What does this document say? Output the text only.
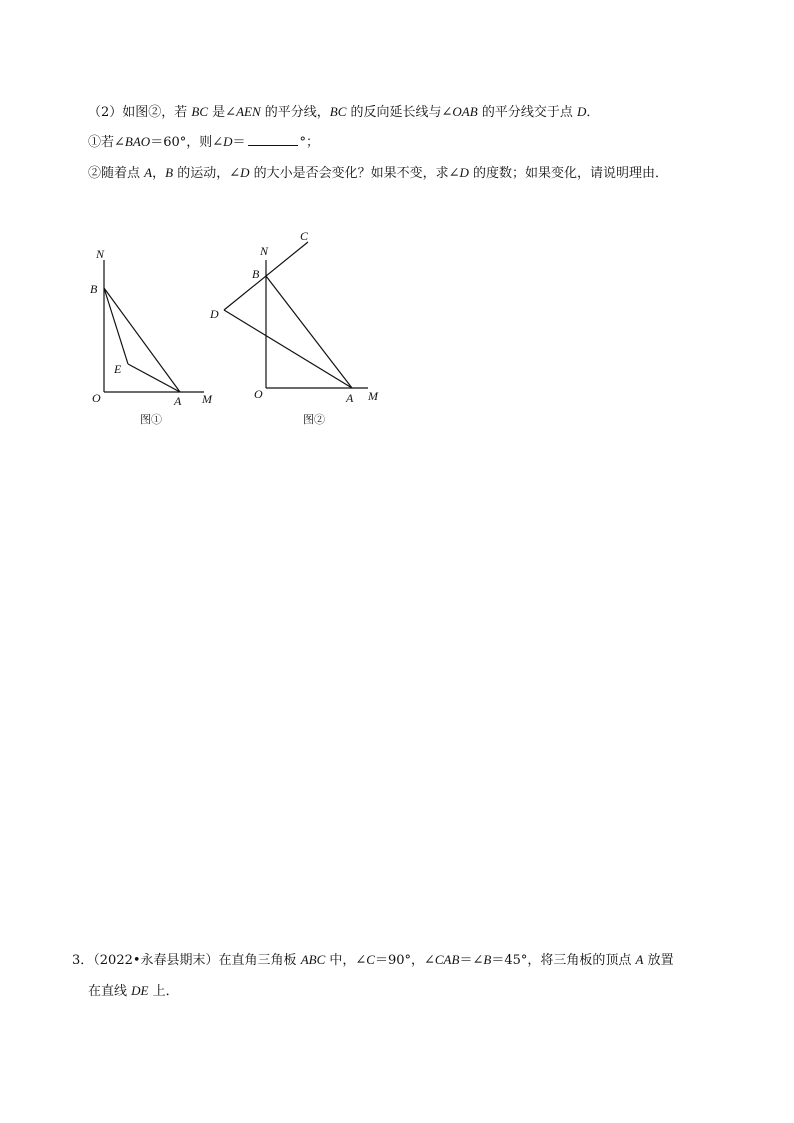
（2）如图②，若 BC 是∠AEN 的平分线，BC 的反向延长线与∠OAB 的平分线交于点 D．
①若∠BAO＝60°，则∠D＝	°；
②随着点 A，B 的运动，∠D 的大小是否会变化？如果不变，求∠D 的度数；如果变化，请说明理由．
N
B
E
O	A M
图①
C
N
B
D
O	A M
图②
3．（2022•永春县期末）在直角三角板 ABC 中，∠C＝90°，∠CAB＝∠B＝45°，将三角板的顶点 A 放置
在直线 DE 上．
